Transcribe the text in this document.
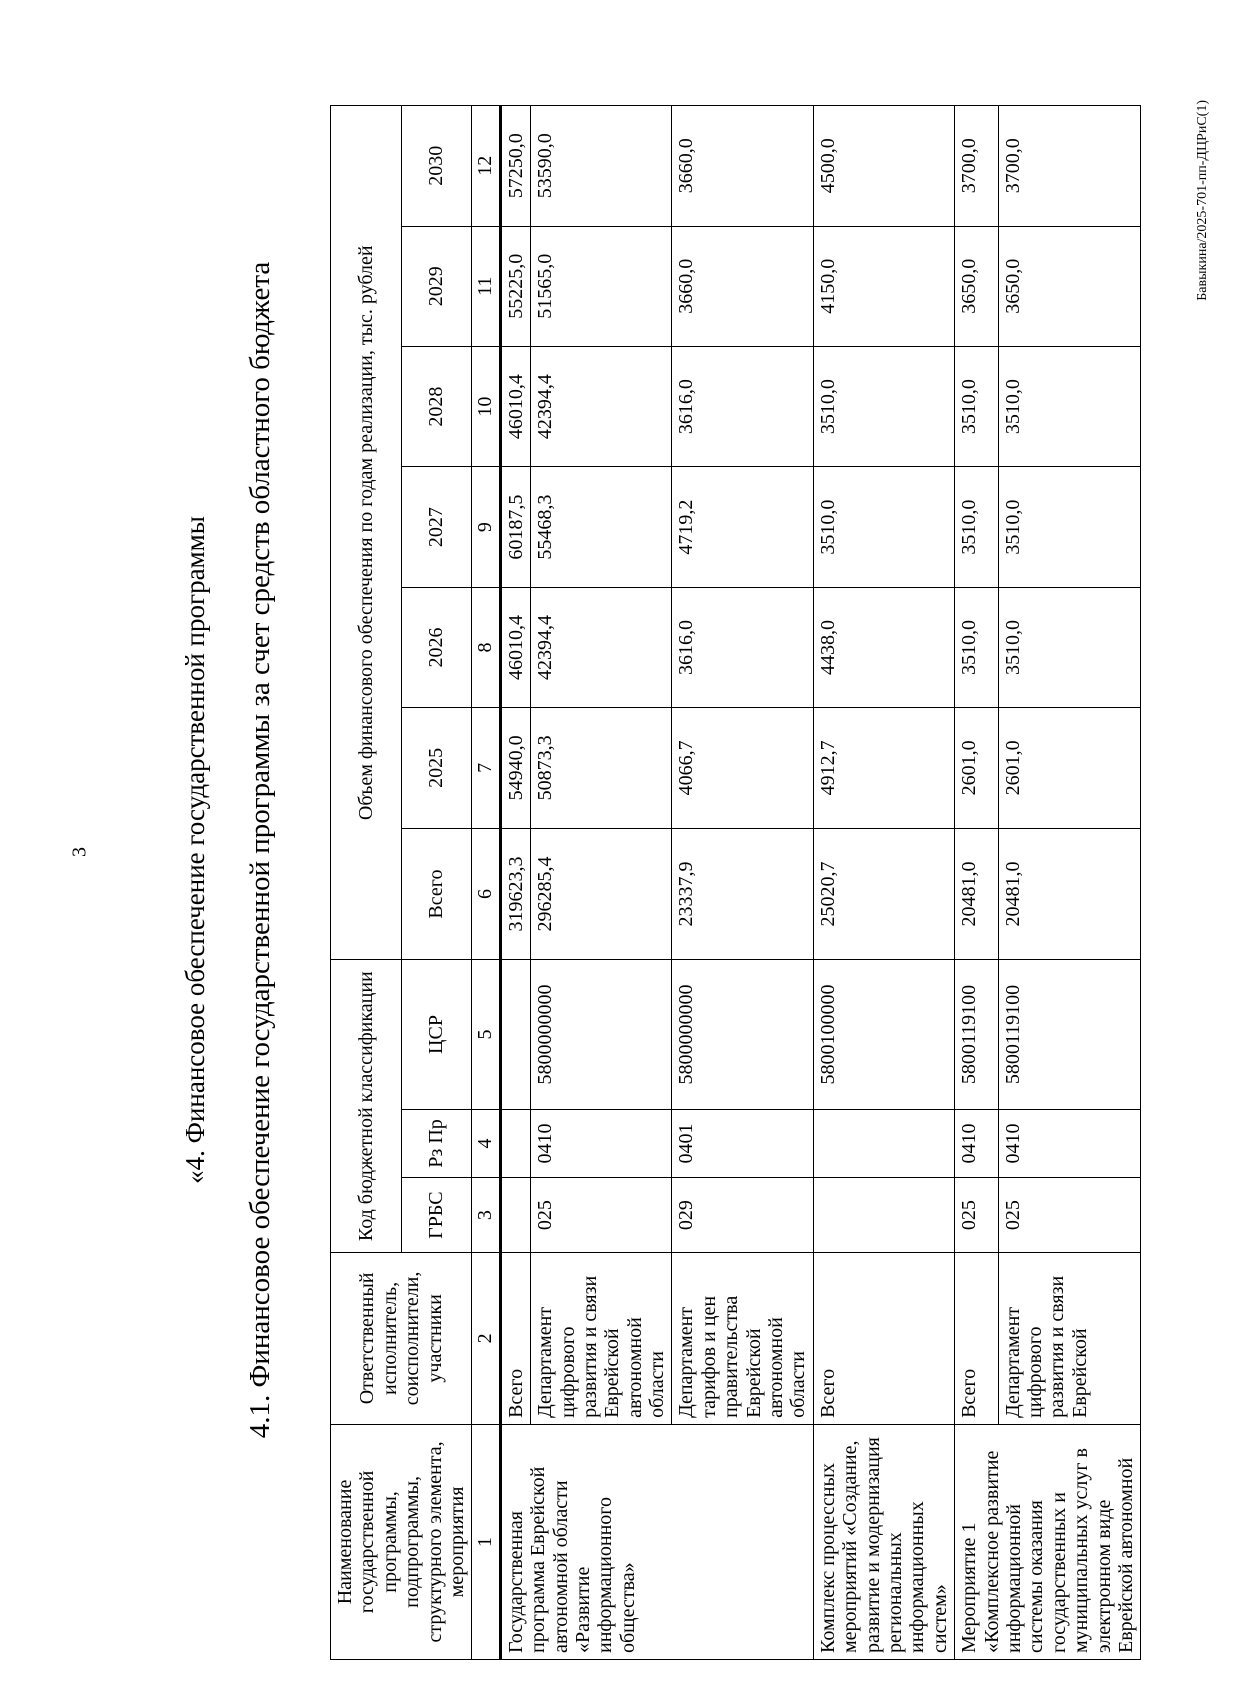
3	«4. Финансовое обеспечение государственной программы 4.1. Финансовое обеспечение государственной программы за счет средств областного бюджета
Наименование государственной программы, подпрограммы, структурного элемента, мероприятия	Ответственный исполнитель, соисполнители, участники	Код бюджетной классификации			Объем финансового обеспечения по годам реализации, тыс. рублей						
		ГРБС	Рз Пр	ЦСР	Всего	2025	2026	2027	2028	2029	2030
1	2	3	4	5	6	7	8	9	10	11	12
Государственная программа Еврейской автономной области «Развитие информационного общества»	Всего				319623,3	54940,0	46010,4	60187,5	46010,4	55225,0	57250,0
	Департамент цифрового развития и связи Еврейской автономной области	025	0410	5800000000	296285,4	50873,3	42394,4	55468,3	42394,4	51565,0	53590,0
	Департамент тарифов и цен правительства Еврейской автономной области	029	0401	5800000000	23337,9	4066,7	3616,0	4719,2	3616,0	3660,0	3660,0
Комплекс процессных мероприятий «Создание, развитие и модернизация региональных информационных систем»	Всего			5800100000	25020,7	4912,7	4438,0	3510,0	3510,0	4150,0	4500,0
Мероприятие 1 «Комплексное развитие информационной системы оказания государственных и муниципальных услуг в электронном виде Еврейской автономной	Всего	025	0410	5800119100	20481,0	2601,0	3510,0	3510,0	3510,0	3650,0	3700,0
	Департамент цифрового развития и связи Еврейской	025	0410	5800119100	20481,0	2601,0	3510,0	3510,0	3510,0	3650,0	3700,0	Бавыкина/2025-701-пп-ДЦРиС(1)
